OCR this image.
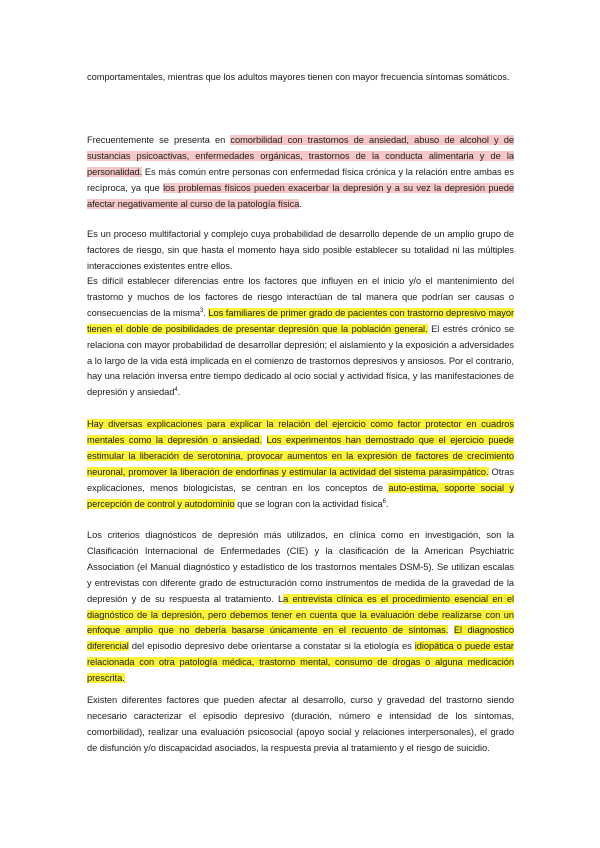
comportamentales, mientras que los adultos mayores tienen con mayor frecuencia síntomas somáticos.
Frecuentemente se presenta en comorbilidad con trastornos de ansiedad, abuso de alcohol y de sustancias psicoactivas, enfermedades orgánicas, trastornos de la conducta alimentaria y de la personalidad. Es más común entre personas con enfermedad física crónica y la relación entre ambas es recíproca, ya que los problemas físicos pueden exacerbar la depresión y a su vez la depresión puede afectar negativamente al curso de la patología física.
Es un proceso multifactorial y complejo cuya probabilidad de desarrollo depende de un amplio grupo de factores de riesgo, sin que hasta el momento haya sido posible establecer su totalidad ni las múltiples interacciones existentes entre ellos.
Es difícil establecer diferencias entre los factores que influyen en el inicio y/o el mantenimiento del trastorno y muchos de los factores de riesgo interactúan de tal manera que podrían ser causas o consecuencias de la misma$^3$. Los familiares de primer grado de pacientes con trastorno depresivo mayor tienen el doble de posibilidades de presentar depresión que la población general. El estrés crónico se relaciona con mayor probabilidad de desarrollar depresión; el aislamiento y la exposición a adversidades a lo largo de la vida está implicada en el comienzo de trastornos depresivos y ansiosos. Por el contrario, hay una relación inversa entre tiempo dedicado al ocio social y actividad física, y las manifestaciones de depresión y ansiedad$^4$.
Hay diversas explicaciones para explicar la relación del ejercicio como factor protector en cuadros mentales como la depresión o ansiedad. Los experimentos han demostrado que el ejercicio puede estimular la liberación de serotonina, provocar aumentos en la expresión de factores de crecimiento neuronal, promover la liberación de endorfinas y estimular la actividad del sistema parasimpático. Otras explicaciones, menos biologicistas, se centran en los conceptos de auto-estima, soporte social y percepción de control y autodominio que se logran con la actividad física$^6$.
Los criterios diagnósticos de depresión más utilizados, en clínica como en investigación, son la Clasificación Internacional de Enfermedades (CIE) y la clasificación de la American Psychiatric Association (el Manual diagnóstico y estadístico de los trastornos mentales DSM-5). Se utilizan escalas y entrevistas con diferente grado de estructuración como instrumentos de medida de la gravedad de la depresión y de su respuesta al tratamiento. La entrevista clínica es el procedimiento esencial en el diagnóstico de la depresión, pero debemos tener en cuenta que la evaluación debe realizarse con un enfoque amplio que no debería basarse únicamente en el recuento de síntomas. El diagnostico diferencial del episodio depresivo debe orientarse a constatar si la etiología es idiopática o puede estar relacionada con otra patología médica, trastorno mental, consumo de drogas o alguna medicación prescrita.
Existen diferentes factores que pueden afectar al desarrollo, curso y gravedad del trastorno siendo necesario caracterizar el episodio depresivo (duración, número e intensidad de los síntomas, comorbilidad), realizar una evaluación psicosocial (apoyo social y relaciones interpersonales), el grado de disfunción y/o discapacidad asociados, la respuesta previa al tratamiento y el riesgo de suicidio.
